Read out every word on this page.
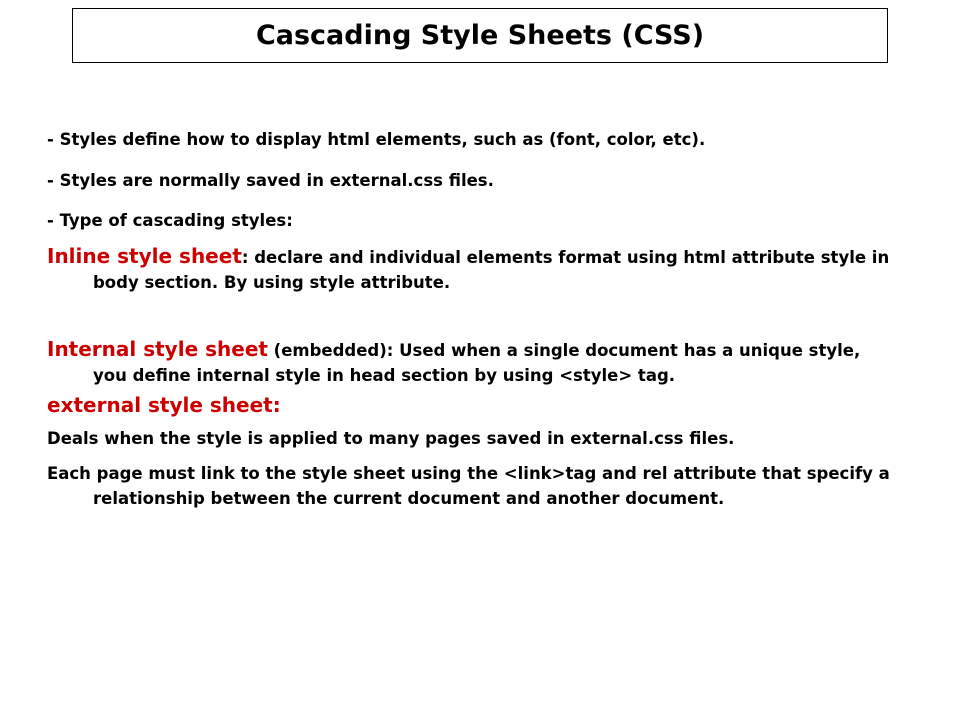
Cascading Style Sheets (CSS)

- Styles define how to display html elements, such as (font, color, etc).

- Styles are normally saved in external.css files.

- Type of cascading styles:

Inline style sheet: declare and individual elements format using html attribute style in body section. By using style attribute.

Internal style sheet (embedded): Used when a single document has a unique style, you define internal style in head section by using <style> tag.

external style sheet:

Deals when the style is applied to many pages saved in external.css files.

Each page must link to the style sheet using the <link>tag and rel attribute that specify a relationship between the current document and another document.
